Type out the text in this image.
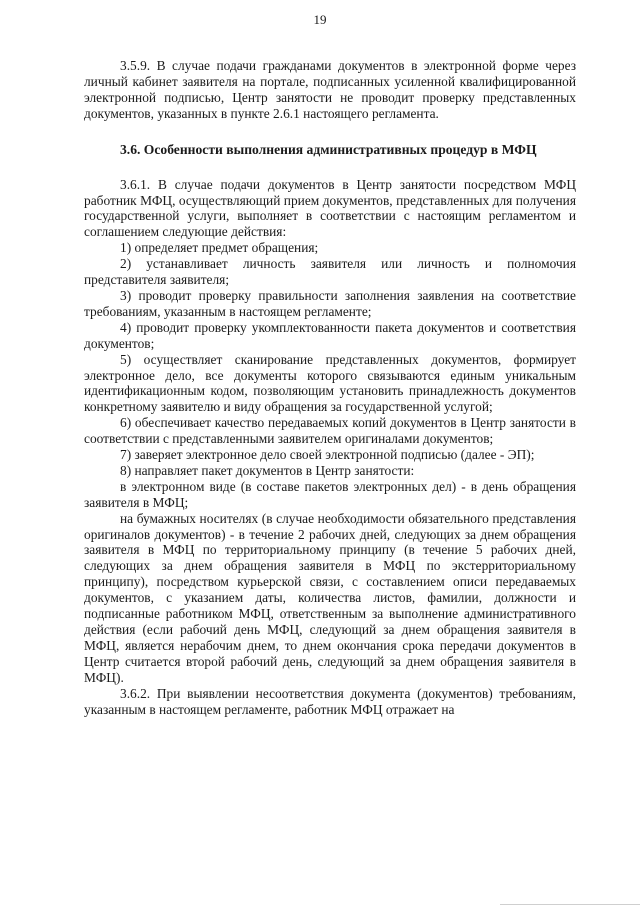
19

3.5.9. В случае подачи гражданами документов в электронной форме через личный кабинет заявителя на портале, подписанных усиленной квалифицированной электронной подписью, Центр занятости не проводит проверку представленных документов, указанных в пункте 2.6.1 настоящего регламента.

3.6. Особенности выполнения административных процедур в МФЦ

3.6.1. В случае подачи документов в Центр занятости посредством МФЦ работник МФЦ, осуществляющий прием документов, представленных для получения государственной услуги, выполняет в соответствии с настоящим регламентом и соглашением следующие действия:

1) определяет предмет обращения;

2) устанавливает личность заявителя или личность и полномочия представителя заявителя;

3) проводит проверку правильности заполнения заявления на соответствие требованиям, указанным в настоящем регламенте;

4) проводит проверку укомплектованности пакета документов и соответствия документов;

5) осуществляет сканирование представленных документов, формирует электронное дело, все документы которого связываются единым уникальным идентификационным кодом, позволяющим установить принадлежность документов конкретному заявителю и виду обращения за государственной услугой;

6) обеспечивает качество передаваемых копий документов в Центр занятости в соответствии с представленными заявителем оригиналами документов;

7) заверяет электронное дело своей электронной подписью (далее - ЭП);

8) направляет пакет документов в Центр занятости:

в электронном виде (в составе пакетов электронных дел) - в день обращения заявителя в МФЦ;

на бумажных носителях (в случае необходимости обязательного представления оригиналов документов) - в течение 2 рабочих дней, следующих за днем обращения заявителя в МФЦ по территориальному принципу (в течение 5 рабочих дней, следующих за днем обращения заявителя в МФЦ по экстерриториальному принципу), посредством курьерской связи, с составлением описи передаваемых документов, с указанием даты, количества листов, фамилии, должности и подписанные работником МФЦ, ответственным за выполнение административного действия (если рабочий день МФЦ, следующий за днем обращения заявителя в МФЦ, является нерабочим днем, то днем окончания срока передачи документов в Центр считается второй рабочий день, следующий за днем обращения заявителя в МФЦ).

3.6.2. При выявлении несоответствия документа (документов) требованиям, указанным в настоящем регламенте, работник МФЦ отражает на
